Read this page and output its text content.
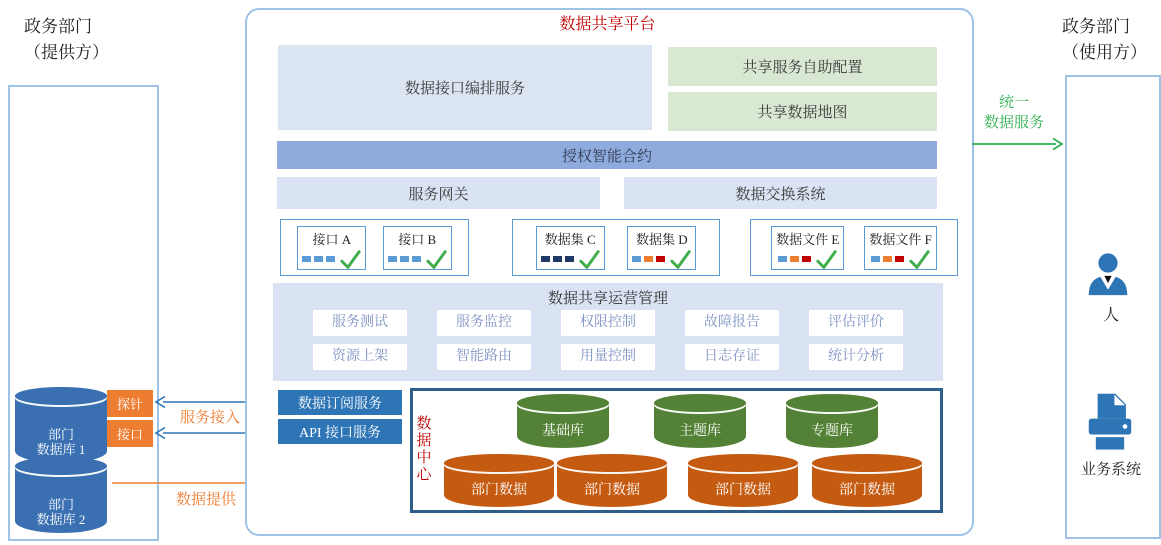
政务部门
（提供方）
部门
数据库 1
探针
接口
部门
数据库 2
服务接入
数据提供
数据共享平台
数据接口编排服务
共享服务自助配置
共享数据地图
授权智能合约
服务网关	数据交换系统
接口 A	接口 B	数据集 C	数据集 D	数据文件 E 数据文件 F
数据共享运营管理
服务测试	服务监控	权限控制	故障报告	评估评价
资源上架	智能路由	用量控制	日志存证	统计分析
数据订阅服务
API 接口服务	数据中心	基础库	主题库	专题库
部门数据	部门数据	部门数据	部门数据
统一
数据服务
政务部门
（使用方）
人
业务系统
